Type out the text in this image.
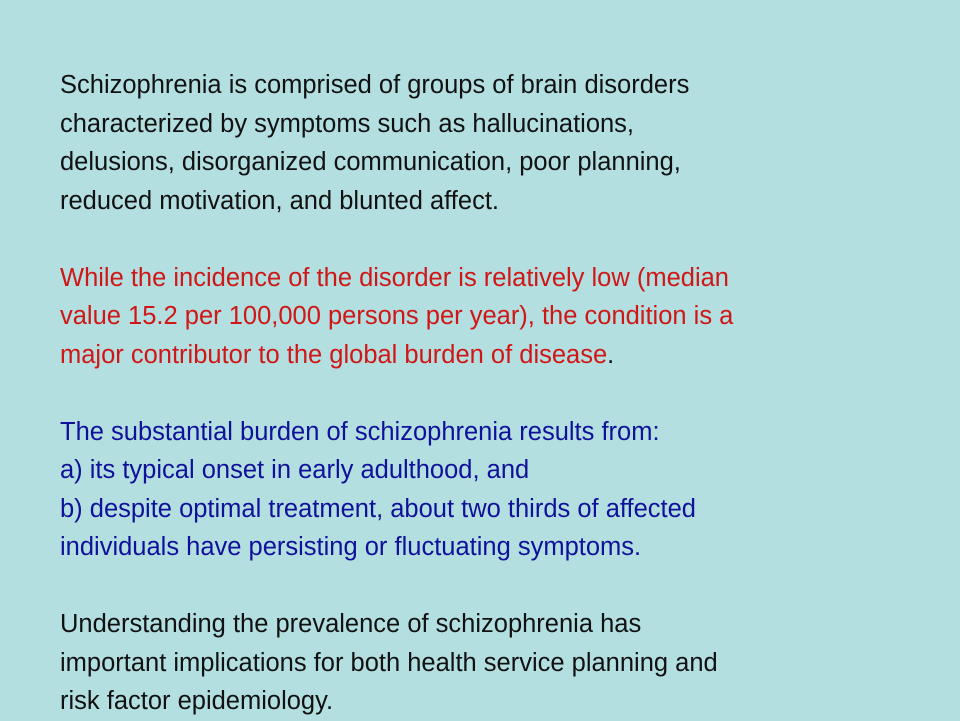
Schizophrenia is comprised of groups of brain disorders
characterized by symptoms such as hallucinations,
delusions, disorganized communication, poor planning,
reduced motivation, and blunted affect.

While the incidence of the disorder is relatively low (median
value 15.2 per 100,000 persons per year), the condition is a
major contributor to the global burden of disease.

The substantial burden of schizophrenia results from:
a) its typical onset in early adulthood, and
b) despite optimal treatment, about two thirds of affected
individuals have persisting or fluctuating symptoms.

Understanding the prevalence of schizophrenia has
important implications for both health service planning and
risk factor epidemiology.
